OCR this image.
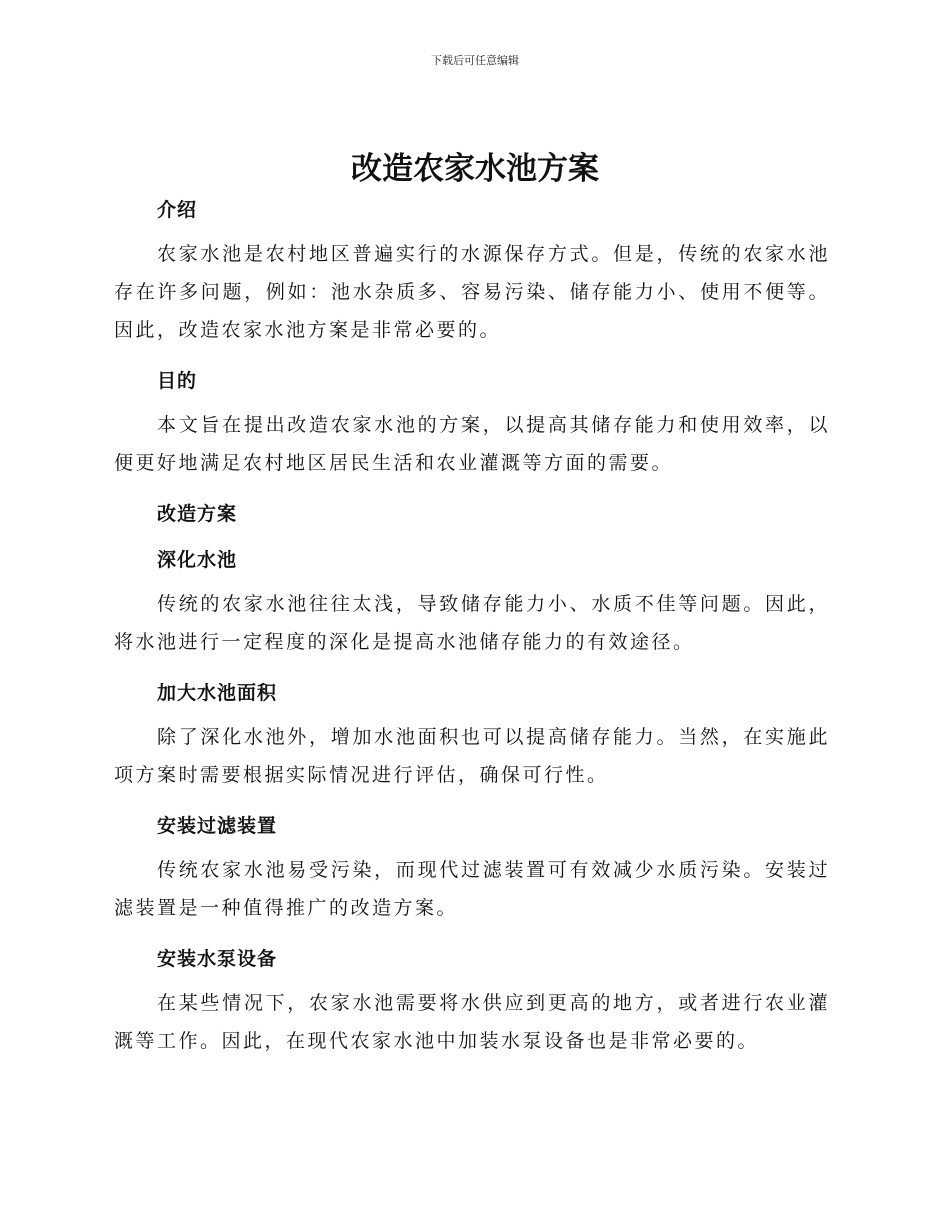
下载后可任意编辑
改造农家水池方案
介绍

农家水池是农村地区普遍实行的水源保存方式。但是，传统的农家水池存在许多问题，例如：池水杂质多、容易污染、储存能力小、使用不便等。因此，改造农家水池方案是非常必要的。

目的

本文旨在提出改造农家水池的方案，以提高其储存能力和使用效率，以便更好地满足农村地区居民生活和农业灌溉等方面的需要。

改造方案
深化水池

传统的农家水池往往太浅，导致储存能力小、水质不佳等问题。因此，将水池进行一定程度的深化是提高水池储存能力的有效途径。

加大水池面积

除了深化水池外，增加水池面积也可以提高储存能力。当然，在实施此项方案时需要根据实际情况进行评估，确保可行性。

安装过滤装置

传统农家水池易受污染，而现代过滤装置可有效减少水质污染。安装过滤装置是一种值得推广的改造方案。

安装水泵设备

在某些情况下，农家水池需要将水供应到更高的地方，或者进行农业灌溉等工作。因此，在现代农家水池中加装水泵设备也是非常必要的。
